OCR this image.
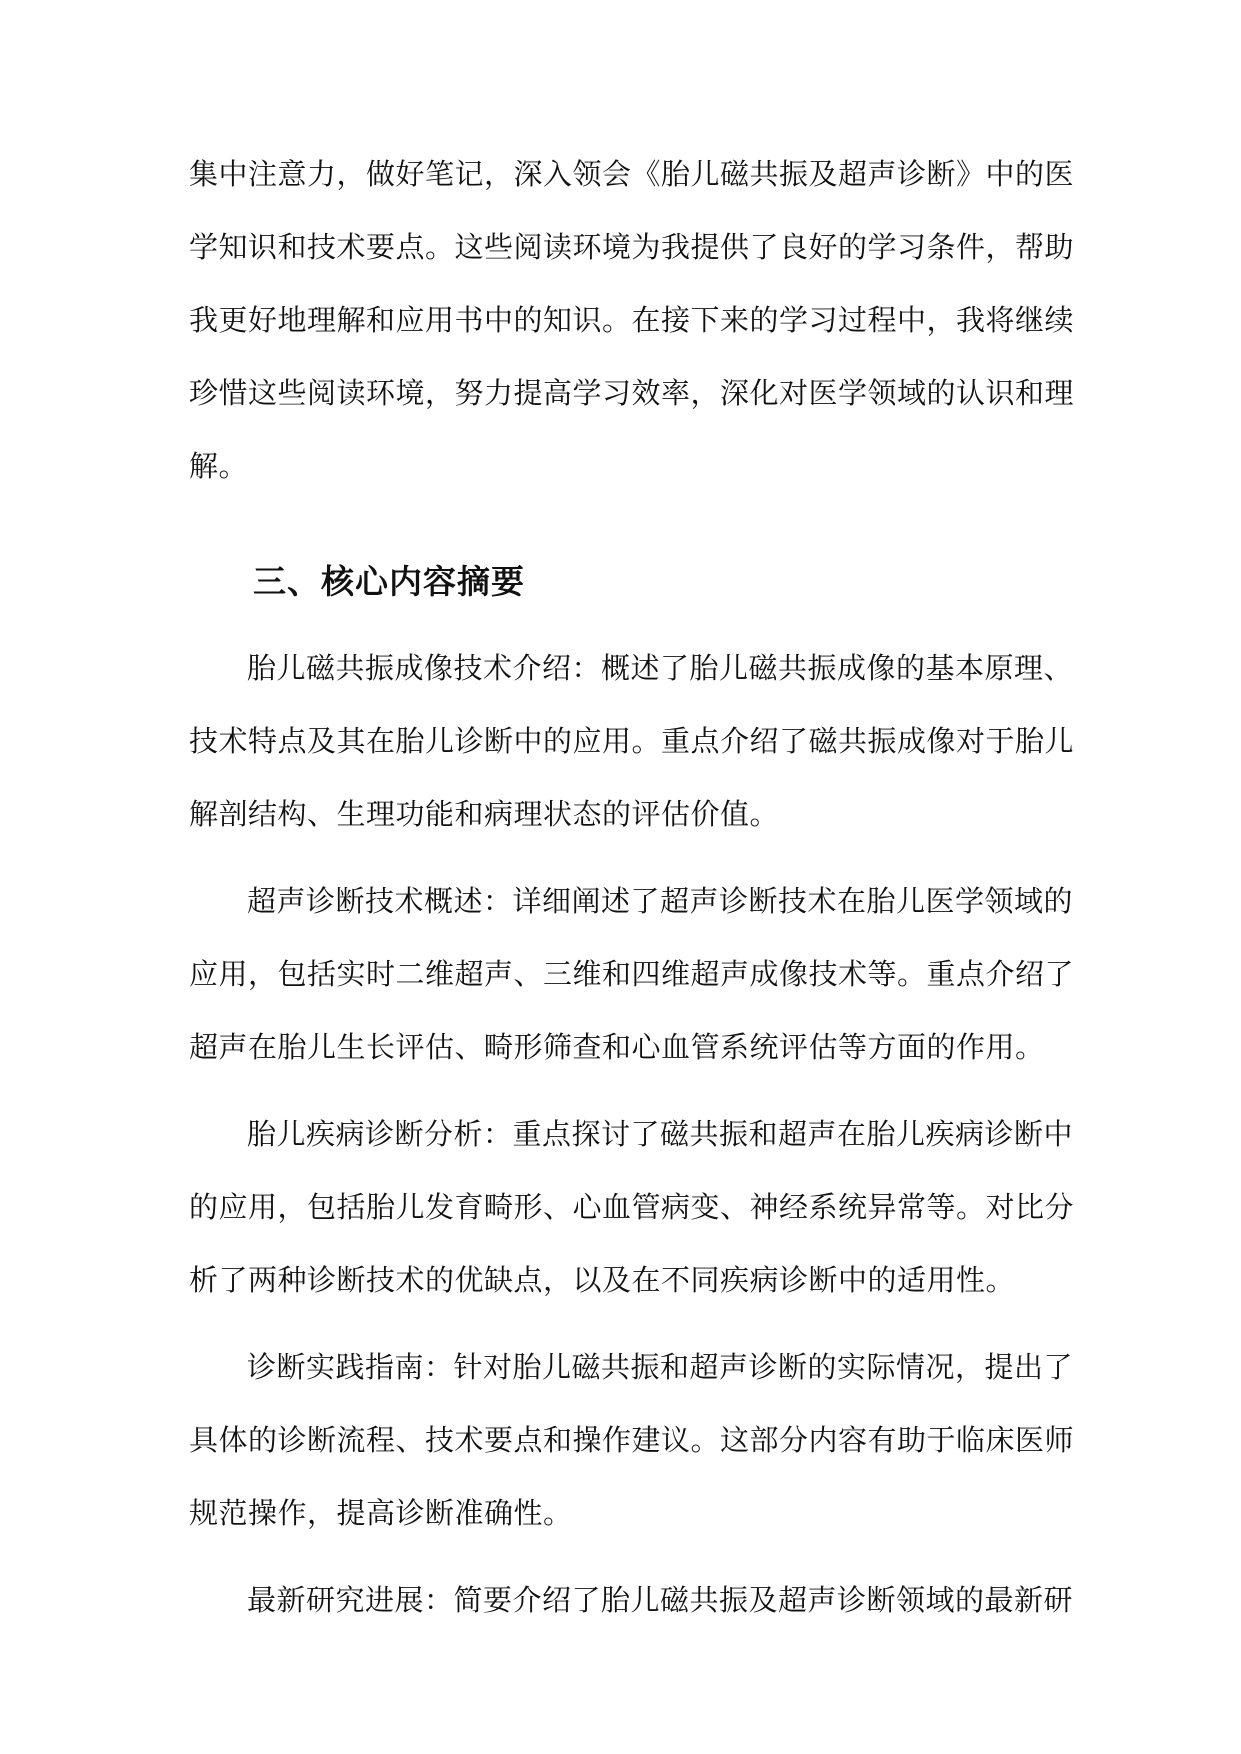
集中注意力，做好笔记，深入领会《胎儿磁共振及超声诊断》中的医
学知识和技术要点。这些阅读环境为我提供了良好的学习条件，帮助
我更好地理解和应用书中的知识。在接下来的学习过程中，我将继续
珍惜这些阅读环境，努力提高学习效率，深化对医学领域的认识和理
解。
三、核心内容摘要
胎儿磁共振成像技术介绍：概述了胎儿磁共振成像的基本原理、
技术特点及其在胎儿诊断中的应用。重点介绍了磁共振成像对于胎儿
解剖结构、生理功能和病理状态的评估价值。
超声诊断技术概述：详细阐述了超声诊断技术在胎儿医学领域的
应用，包括实时二维超声、三维和四维超声成像技术等。重点介绍了
超声在胎儿生长评估、畸形筛查和心血管系统评估等方面的作用。
胎儿疾病诊断分析：重点探讨了磁共振和超声在胎儿疾病诊断中
的应用，包括胎儿发育畸形、心血管病变、神经系统异常等。对比分
析了两种诊断技术的优缺点，以及在不同疾病诊断中的适用性。
诊断实践指南：针对胎儿磁共振和超声诊断的实际情况，提出了
具体的诊断流程、技术要点和操作建议。这部分内容有助于临床医师
规范操作，提高诊断准确性。
最新研究进展：简要介绍了胎儿磁共振及超声诊断领域的最新研
